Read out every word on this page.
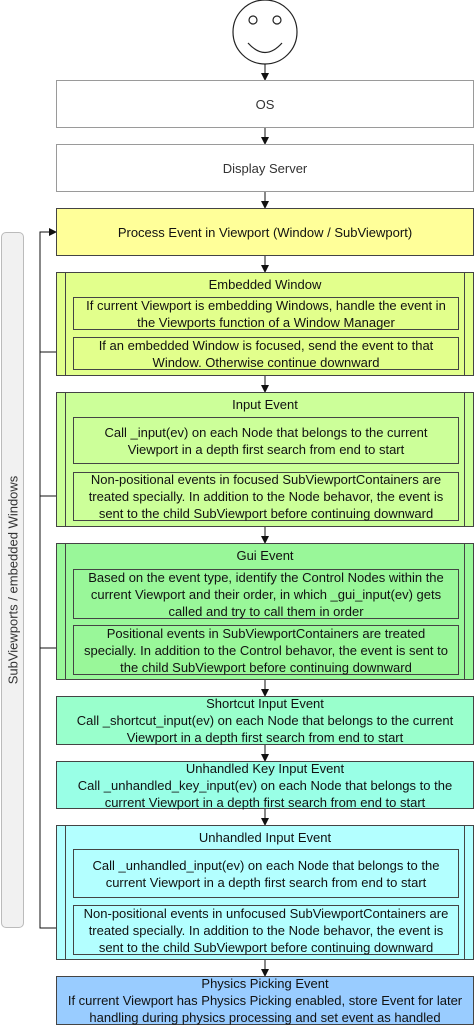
SubViewports / embedded Windows
OS
Display Server
Process Event in Viewport (Window / SubViewport)
Embedded Window
If current Viewport is embedding Windows, handle the event in the Viewports function of a Window Manager
If an embedded Window is focused, send the event to that Window. Otherwise continue downward
Input Event
Call _input(ev) on each Node that belongs to the current Viewport in a depth first search from end to start
Non-positional events in focused SubViewportContainers are treated specially. In addition to the Node behavor, the event is sent to the child SubViewport before continuing downward
Gui Event
Based on the event type, identify the Control Nodes within the current Viewport and their order, in which _gui_input(ev) gets called and try to call them in order
Positional events in SubViewportContainers are treated specially. In addition to the Control behavor, the event is sent to the child SubViewport before continuing downward
Shortcut Input Event
Call _shortcut_input(ev) on each Node that belongs to the current Viewport in a depth first search from end to start
Unhandled Key Input Event
Call _unhandled_key_input(ev) on each Node that belongs to the current Viewport in a depth first search from end to start
Unhandled Input Event
Call _unhandled_input(ev) on each Node that belongs to the current Viewport in a depth first search from end to start
Non-positional events in unfocused SubViewportContainers are treated specially. In addition to the Node behavor, the event is sent to the child SubViewport before continuing downward
Physics Picking Event
If current Viewport has Physics Picking enabled, store Event for later handling during physics processing and set event as handled
